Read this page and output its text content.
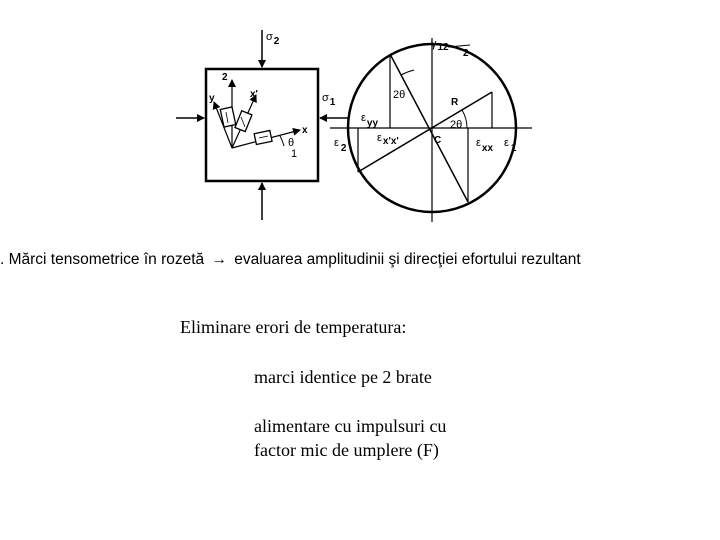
σ2
σ1
2
y	x'
x
θ
1
γ12
2
2θ
2θ
R
C
εyy
εx'x'	εxx ε 1
ε 2
. Mărci tensometrice în rozetă → evaluarea amplitudinii şi direcţiei efortului rezultant
Eliminare erori de temperatura:
marci identice pe 2 brate
alimentare cu impulsuri cu
factor mic de umplere (F)
